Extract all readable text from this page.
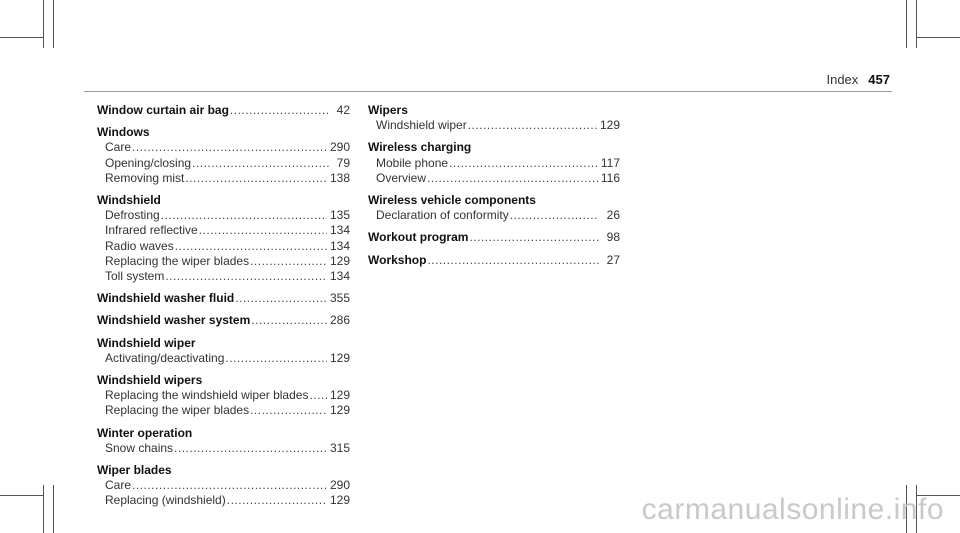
Index 457
Window curtain air bag .....	42
Windows
Care .....	290
Opening/closing .....	79
Removing mist .....	138
Windshield
Defrosting .....	135
Infrared reflective .....	134
Radio waves .....	134
Replacing the wiper blades .....	129
Toll system .....	134
Windshield washer fluid .....	355
Windshield washer system .....	286
Windshield wiper
Activating/deactivating .....	129
Windshield wipers
Replacing the windshield wiper blades ..... 129
Replacing the wiper blades .....	129
Winter operation
Snow chains .....	315
Wiper blades
Care .....	290
Replacing (windshield) .....	129
Wipers
Windshield wiper .....	129
Wireless charging
Mobile phone .....	117
Overview .....	116
Wireless vehicle components
Declaration of conformity .....	26
Workout program .....	98
Workshop .....	27
carmanualsonline.info
